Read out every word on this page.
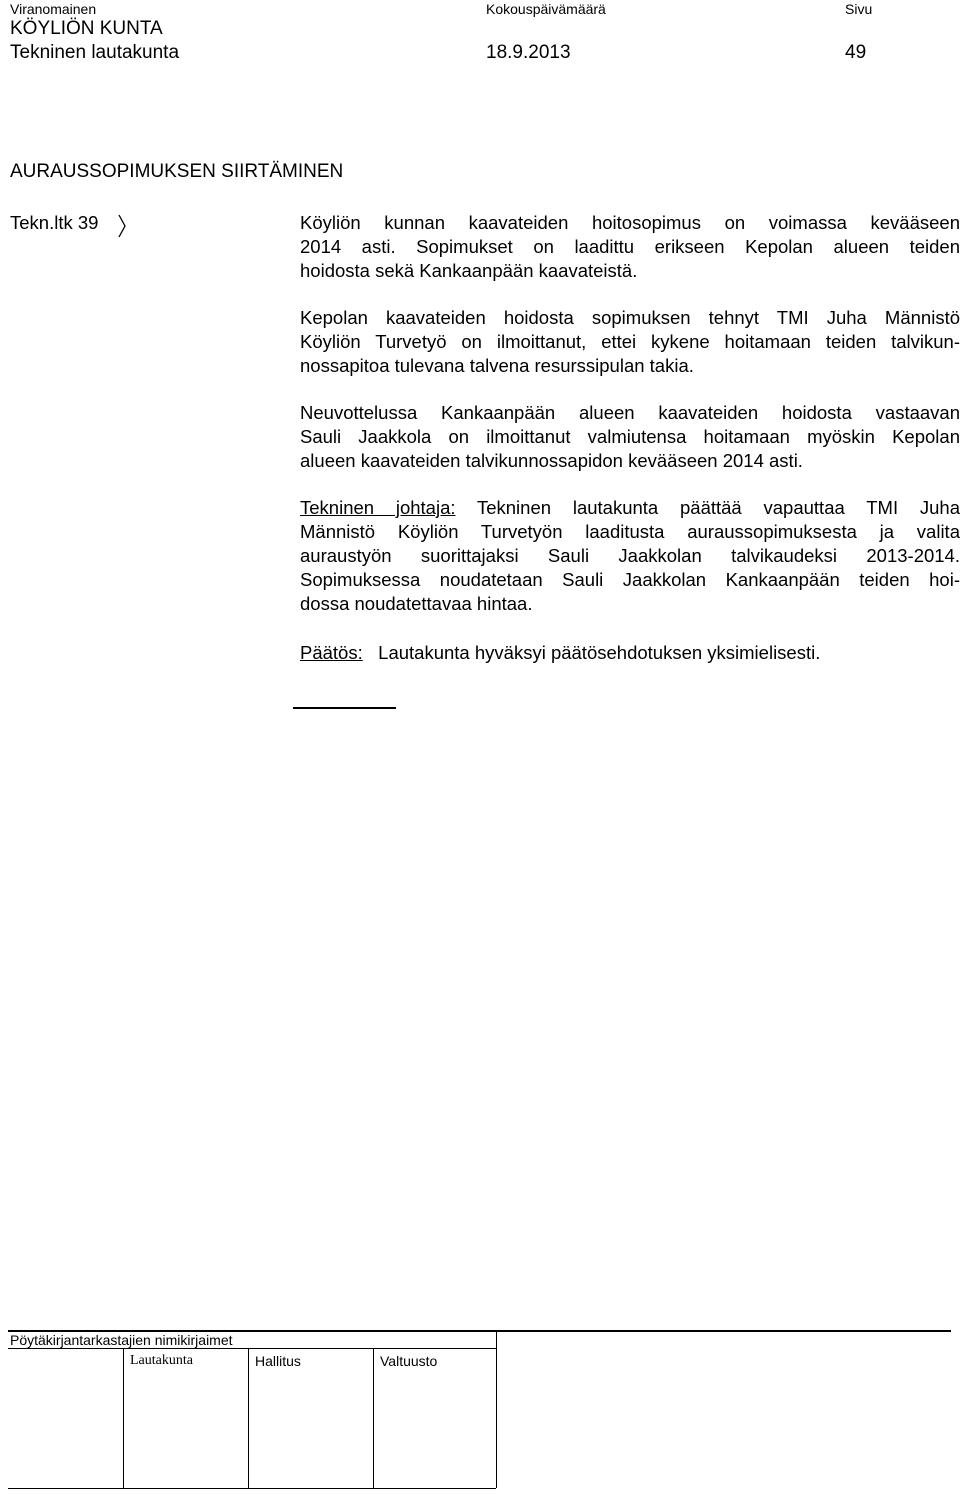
Viranomainen	Kokouspäivämäärä	Sivu
KÖYLIÖN KUNTA
Tekninen lautakunta	18.9.2013	49
AURAUSSOPIMUKSEN SIIRTÄMINEN
Tekn.ltk 39	Köyliön kunnan kaavateiden hoitosopimus on voimassa kevääseen
2014 asti. Sopimukset on laadittu erikseen Kepolan alueen teiden
hoidosta sekä Kankaanpään kaavateistä.
Kepolan kaavateiden hoidosta sopimuksen tehnyt TMI Juha Männistö
Köyliön Turvetyö on ilmoittanut, ettei kykene hoitamaan teiden talvikun-
nossapitoa tulevana talvena resurssipulan takia.
Neuvottelussa Kankaanpään alueen kaavateiden hoidosta vastaavan
Sauli Jaakkola on ilmoittanut valmiutensa hoitamaan myöskin Kepolan
alueen kaavateiden talvikunnossapidon kevääseen 2014 asti.
Tekninen johtaja: Tekninen lautakunta päättää vapauttaa TMI Juha
Männistö Köyliön Turvetyön laaditusta auraussopimuksesta ja valita
auraustyön suorittajaksi Sauli Jaakkolan talvikaudeksi 2013-2014.
Sopimuksessa noudatetaan Sauli Jaakkolan Kankaanpään teiden hoi-
dossa noudatettavaa hintaa.
Päätös: Lautakunta hyväksyi päätösehdotuksen yksimielisesti.
Pöytäkirjantarkastajien nimikirjaimet
Lautakunta	Hallitus	Valtuusto
